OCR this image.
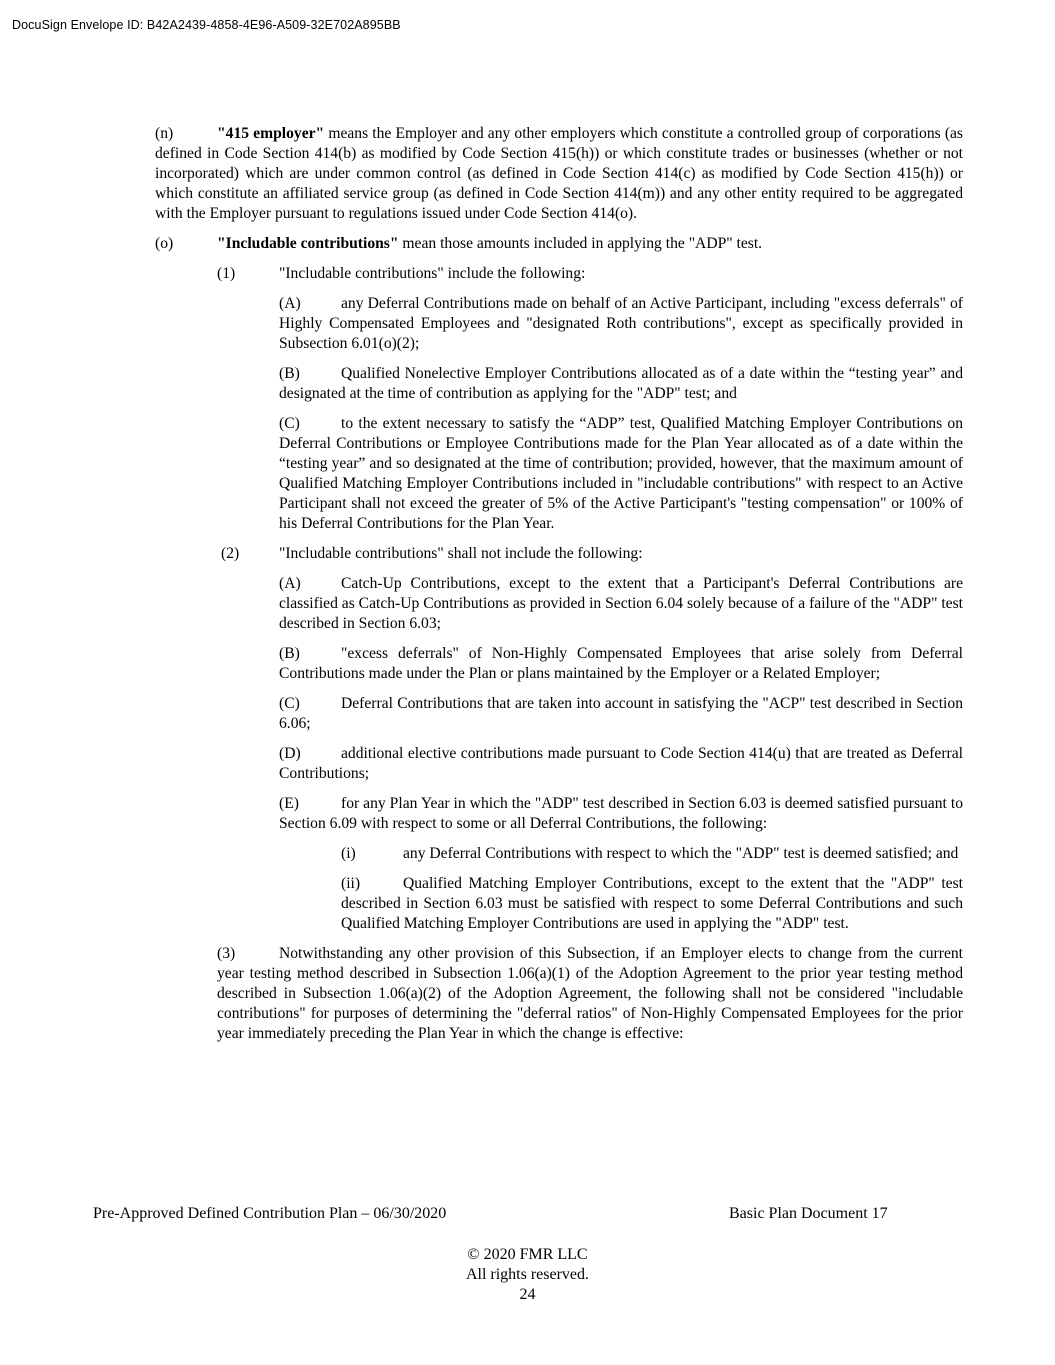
DocuSign Envelope ID: B42A2439-4858-4E96-A509-32E702A895BB
(n)	"415 employer" means the Employer and any other employers which constitute a controlled group of corporations (as defined in Code Section 414(b) as modified by Code Section 415(h)) or which constitute trades or businesses (whether or not incorporated) which are under common control (as defined in Code Section 414(c) as modified by Code Section 415(h)) or which constitute an affiliated service group (as defined in Code Section 414(m)) and any other entity required to be aggregated with the Employer pursuant to regulations issued under Code Section 414(o).
(o)	"Includable contributions" mean those amounts included in applying the "ADP" test.
(1)	"Includable contributions" include the following:
(A)	any Deferral Contributions made on behalf of an Active Participant, including "excess deferrals" of Highly Compensated Employees and "designated Roth contributions", except as specifically provided in Subsection 6.01(o)(2);
(B)	Qualified Nonelective Employer Contributions allocated as of a date within the “testing year” and designated at the time of contribution as applying for the "ADP" test; and
(C)	to the extent necessary to satisfy the “ADP” test, Qualified Matching Employer Contributions on Deferral Contributions or Employee Contributions made for the Plan Year allocated as of a date within the “testing year” and so designated at the time of contribution; provided, however, that the maximum amount of Qualified Matching Employer Contributions included in "includable contributions" with respect to an Active Participant shall not exceed the greater of 5% of the Active Participant's "testing compensation" or 100% of his Deferral Contributions for the Plan Year.
(2)	"Includable contributions" shall not include the following:
(A)	Catch-Up Contributions, except to the extent that a Participant's Deferral Contributions are classified as Catch-Up Contributions as provided in Section 6.04 solely because of a failure of the "ADP" test described in Section 6.03;
(B)	"excess deferrals" of Non-Highly Compensated Employees that arise solely from Deferral Contributions made under the Plan or plans maintained by the Employer or a Related Employer;
(C)	Deferral Contributions that are taken into account in satisfying the "ACP" test described in Section 6.06;
(D)	additional elective contributions made pursuant to Code Section 414(u) that are treated as Deferral Contributions;
(E)	for any Plan Year in which the "ADP" test described in Section 6.03 is deemed satisfied pursuant to Section 6.09 with respect to some or all Deferral Contributions, the following:
(i)	any Deferral Contributions with respect to which the "ADP" test is deemed satisfied; and
(ii)	Qualified Matching Employer Contributions, except to the extent that the "ADP" test described in Section 6.03 must be satisfied with respect to some Deferral Contributions and such Qualified Matching Employer Contributions are used in applying the "ADP" test.
(3)	Notwithstanding any other provision of this Subsection, if an Employer elects to change from the current year testing method described in Subsection 1.06(a)(1) of the Adoption Agreement to the prior year testing method described in Subsection 1.06(a)(2) of the Adoption Agreement, the following shall not be considered "includable contributions" for purposes of determining the "deferral ratios" of Non-Highly Compensated Employees for the prior year immediately preceding the Plan Year in which the change is effective:
Pre-Approved Defined Contribution Plan – 06/30/2020	Basic Plan Document 17
© 2020 FMR LLC
All rights reserved.
24
